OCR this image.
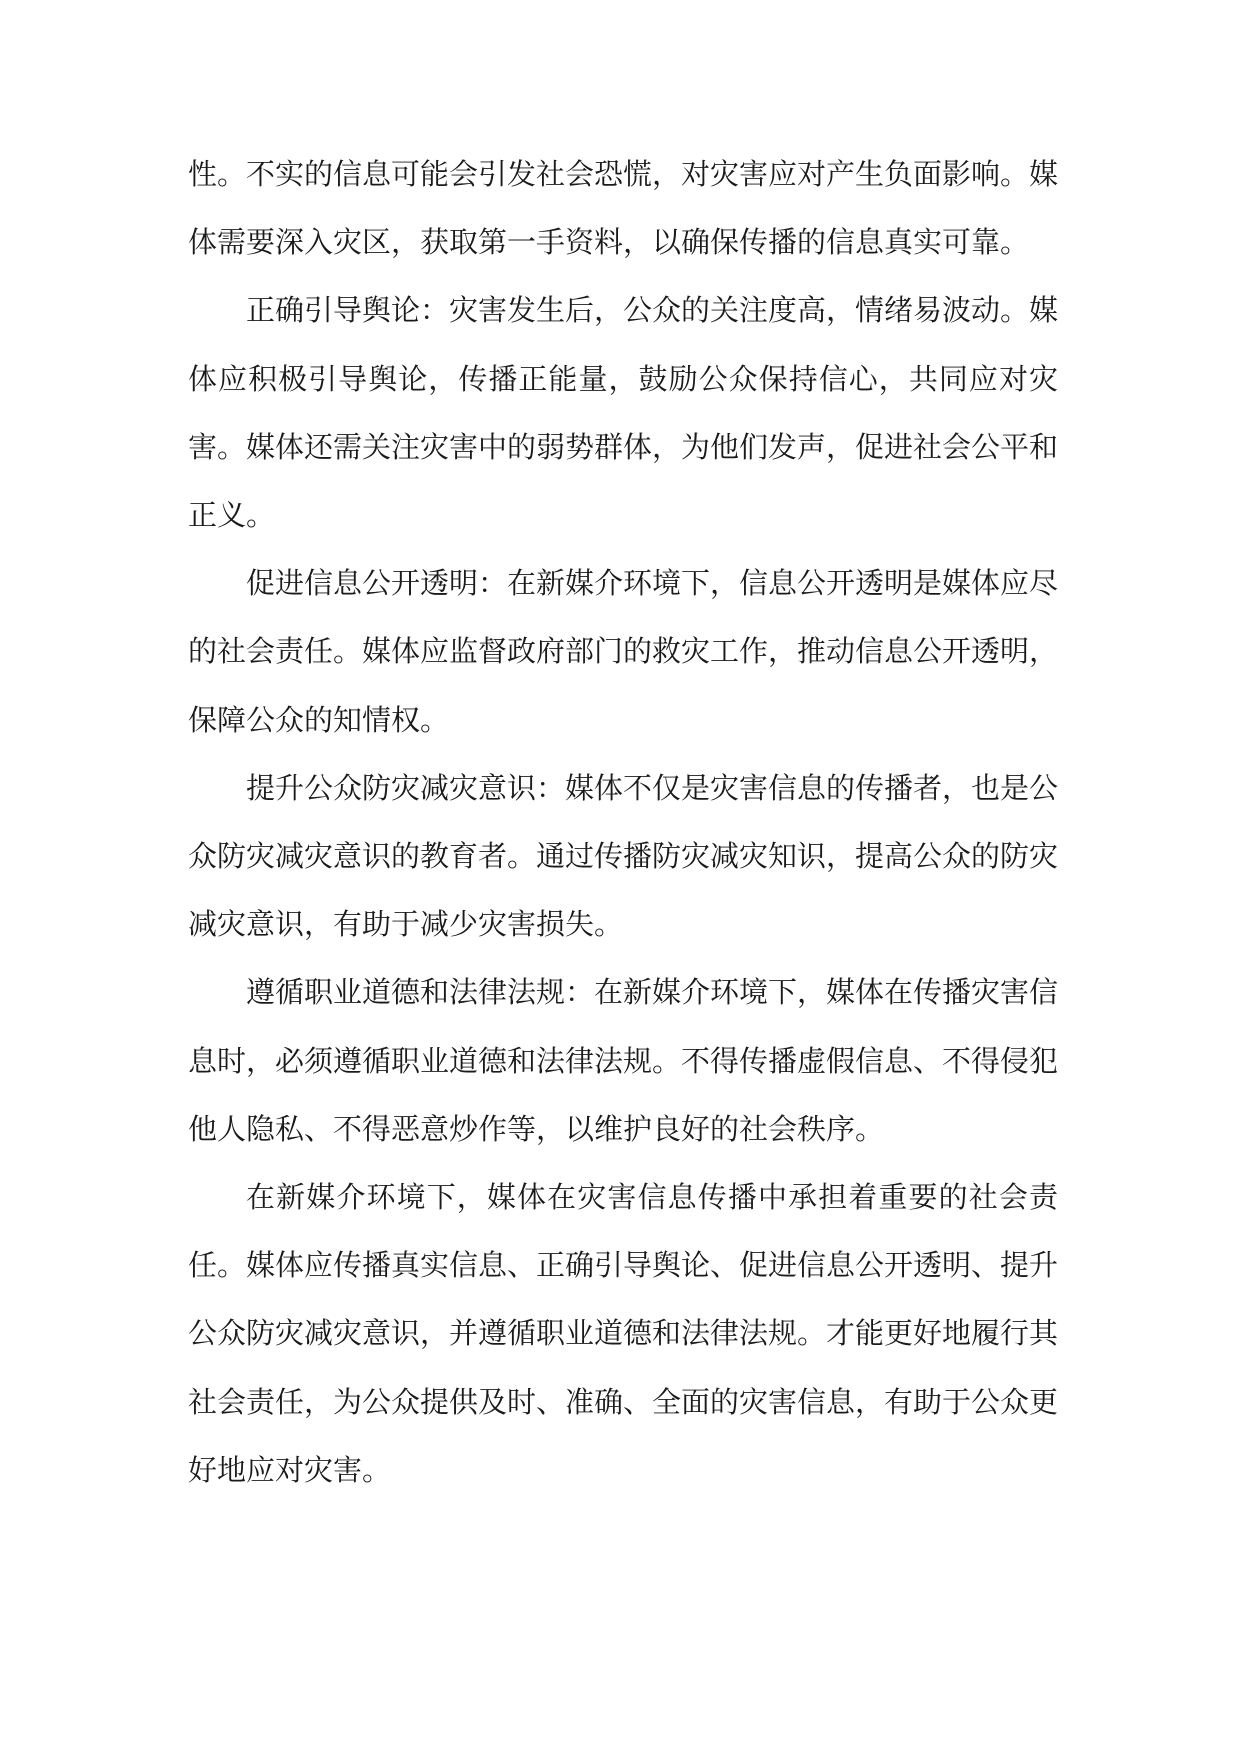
性。不实的信息可能会引发社会恐慌，对灾害应对产生负面影响。媒体需要深入灾区，获取第一手资料，以确保传播的信息真实可靠。

正确引导舆论：灾害发生后，公众的关注度高，情绪易波动。媒体应积极引导舆论，传播正能量，鼓励公众保持信心，共同应对灾害。媒体还需关注灾害中的弱势群体，为他们发声，促进社会公平和正义。

促进信息公开透明：在新媒介环境下，信息公开透明是媒体应尽的社会责任。媒体应监督政府部门的救灾工作，推动信息公开透明，保障公众的知情权。

提升公众防灾减灾意识：媒体不仅是灾害信息的传播者，也是公众防灾减灾意识的教育者。通过传播防灾减灾知识，提高公众的防灾减灾意识，有助于减少灾害损失。

遵循职业道德和法律法规：在新媒介环境下，媒体在传播灾害信息时，必须遵循职业道德和法律法规。不得传播虚假信息、不得侵犯他人隐私、不得恶意炒作等，以维护良好的社会秩序。

在新媒介环境下，媒体在灾害信息传播中承担着重要的社会责任。媒体应传播真实信息、正确引导舆论、促进信息公开透明、提升公众防灾减灾意识，并遵循职业道德和法律法规。才能更好地履行其社会责任，为公众提供及时、准确、全面的灾害信息，有助于公众更好地应对灾害。
